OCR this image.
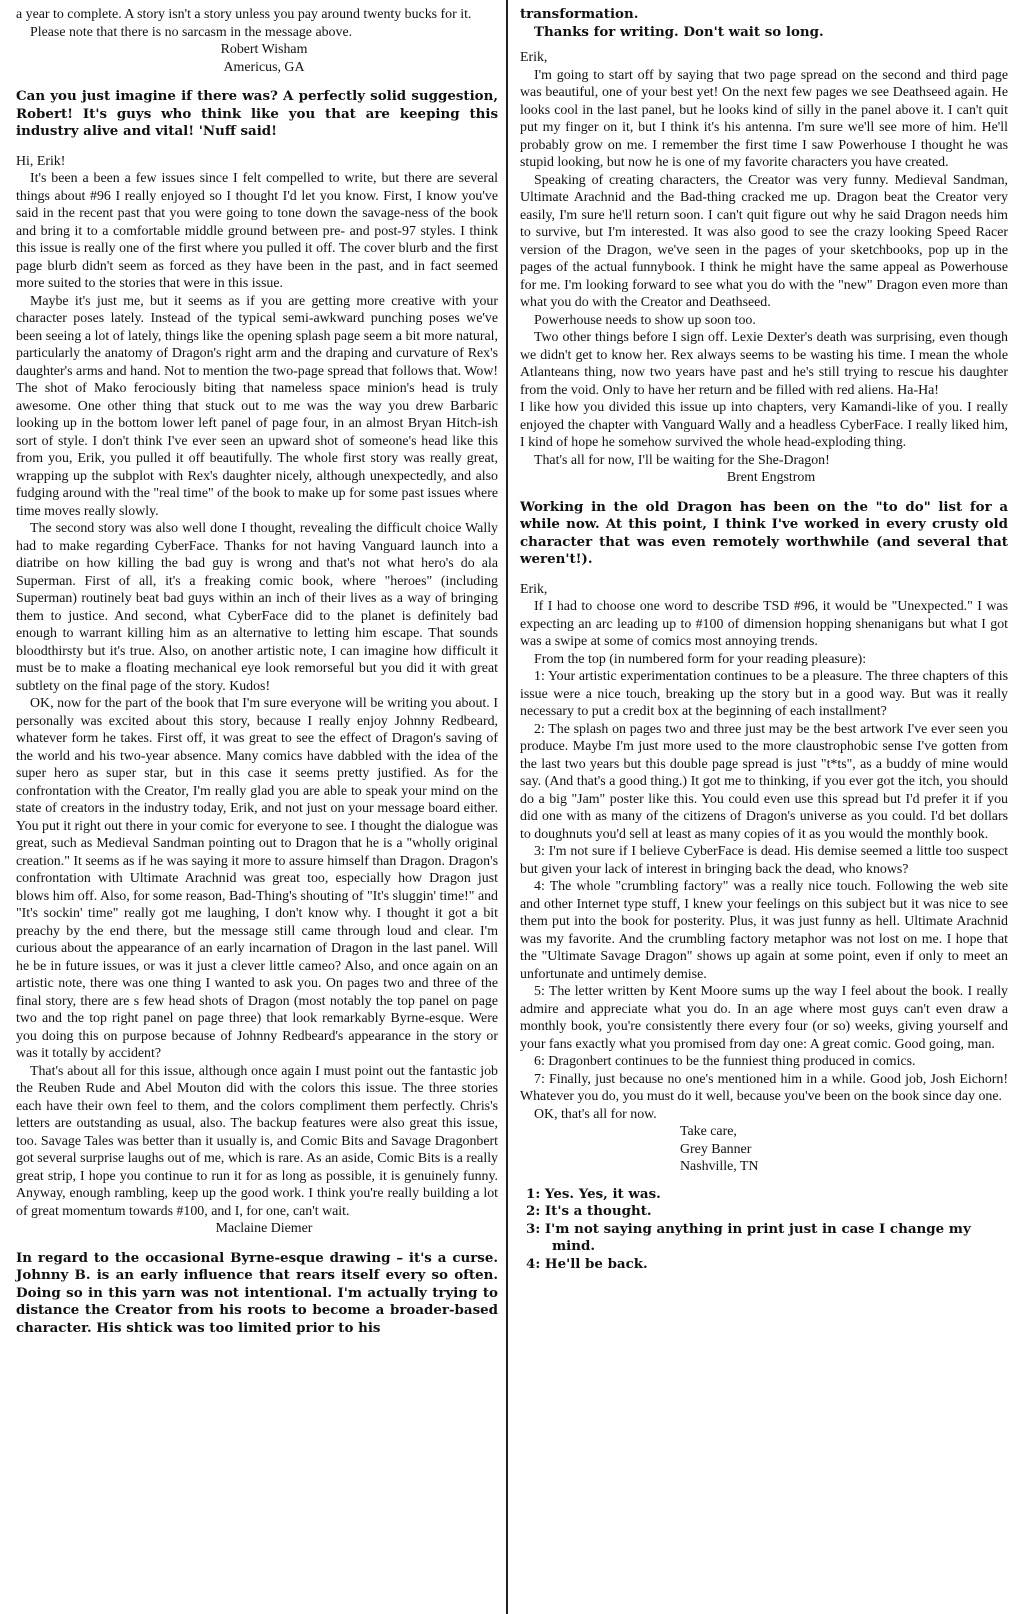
a year to complete. A story isn't a story unless you pay around twenty bucks for it.

Please note that there is no sarcasm in the message above.

Robert Wisham

Americus, GA

Can you just imagine if there was? A perfectly solid suggestion, Robert! It's guys who think like you that are keeping this industry alive and vital! 'Nuff said!

Hi, Erik!

It's been a been a few issues since I felt compelled to write, but there are several things about #96 I really enjoyed so I thought I'd let you know. First, I know you've said in the recent past that you were going to tone down the savage-ness of the book and bring it to a comfortable middle ground between pre- and post-97 styles. I think this issue is really one of the first where you pulled it off. The cover blurb and the first page blurb didn't seem as forced as they have been in the past, and in fact seemed more suited to the stories that were in this issue.

Maybe it's just me, but it seems as if you are getting more creative with your character poses lately. Instead of the typical semi-awkward punching poses we've been seeing a lot of lately, things like the opening splash page seem a bit more natural, particularly the anatomy of Dragon's right arm and the draping and curvature of Rex's daughter's arms and hand. Not to mention the two-page spread that follows that. Wow! The shot of Mako ferociously biting that nameless space minion's head is truly awesome. One other thing that stuck out to me was the way you drew Barbaric looking up in the bottom lower left panel of page four, in an almost Bryan Hitch-ish sort of style. I don't think I've ever seen an upward shot of someone's head like this from you, Erik, you pulled it off beautifully. The whole first story was really great, wrapping up the subplot with Rex's daughter nicely, although unexpectedly, and also fudging around with the "real time" of the book to make up for some past issues where time moves really slowly.

The second story was also well done I thought, revealing the difficult choice Wally had to make regarding CyberFace. Thanks for not having Vanguard launch into a diatribe on how killing the bad guy is wrong and that's not what hero's do ala Superman. First of all, it's a freaking comic book, where "heroes" (including Superman) routinely beat bad guys within an inch of their lives as a way of bringing them to justice. And second, what CyberFace did to the planet is definitely bad enough to warrant killing him as an alternative to letting him escape. That sounds bloodthirsty but it's true. Also, on another artistic note, I can imagine how difficult it must be to make a floating mechanical eye look remorseful but you did it with great subtlety on the final page of the story. Kudos!

OK, now for the part of the book that I'm sure everyone will be writing you about. I personally was excited about this story, because I really enjoy Johnny Redbeard, whatever form he takes. First off, it was great to see the effect of Dragon's saving of the world and his two-year absence. Many comics have dabbled with the idea of the super hero as super star, but in this case it seems pretty justified. As for the confrontation with the Creator, I'm really glad you are able to speak your mind on the state of creators in the industry today, Erik, and not just on your message board either. You put it right out there in your comic for everyone to see. I thought the dialogue was great, such as Medieval Sandman pointing out to Dragon that he is a "wholly original creation." It seems as if he was saying it more to assure himself than Dragon. Dragon's confrontation with Ultimate Arachnid was great too, especially how Dragon just blows him off. Also, for some reason, Bad-Thing's shouting of "It's sluggin' time!" and "It's sockin' time" really got me laughing, I don't know why. I thought it got a bit preachy by the end there, but the message still came through loud and clear. I'm curious about the appearance of an early incarnation of Dragon in the last panel. Will he be in future issues, or was it just a clever little cameo? Also, and once again on an artistic note, there was one thing I wanted to ask you. On pages two and three of the final story, there are s few head shots of Dragon (most notably the top panel on page two and the top right panel on page three) that look remarkably Byrne-esque. Were you doing this on purpose because of Johnny Redbeard's appearance in the story or was it totally by accident?

That's about all for this issue, although once again I must point out the fantastic job the Reuben Rude and Abel Mouton did with the colors this issue. The three stories each have their own feel to them, and the colors compliment them perfectly. Chris's letters are outstanding as usual, also. The backup features were also great this issue, too. Savage Tales was better than it usually is, and Comic Bits and Savage Dragonbert got several surprise laughs out of me, which is rare. As an aside, Comic Bits is a really great strip, I hope you continue to run it for as long as possible, it is genuinely funny. Anyway, enough rambling, keep up the good work. I think you're really building a lot of great momentum towards #100, and I, for one, can't wait.

Maclaine Diemer

In regard to the occasional Byrne-esque drawing – it's a curse. Johnny B. is an early influence that rears itself every so often. Doing so in this yarn was not intentional. I'm actually trying to distance the Creator from his roots to become a broader-based character. His shtick was too limited prior to his
transformation.
Thanks for writing. Don't wait so long.

Erik,

I'm going to start off by saying that two page spread on the second and third page was beautiful, one of your best yet! On the next few pages we see Deathseed again. He looks cool in the last panel, but he looks kind of silly in the panel above it. I can't quit put my finger on it, but I think it's his antenna. I'm sure we'll see more of him. He'll probably grow on me. I remember the first time I saw Powerhouse I thought he was stupid looking, but now he is one of my favorite characters you have created.

Speaking of creating characters, the Creator was very funny. Medieval Sandman, Ultimate Arachnid and the Bad-thing cracked me up. Dragon beat the Creator very easily, I'm sure he'll return soon. I can't quit figure out why he said Dragon needs him to survive, but I'm interested. It was also good to see the crazy looking Speed Racer version of the Dragon, we've seen in the pages of your sketchbooks, pop up in the pages of the actual funnybook. I think he might have the same appeal as Powerhouse for me. I'm looking forward to see what you do with the "new" Dragon even more than what you do with the Creator and Deathseed.

Powerhouse needs to show up soon too.

Two other things before I sign off. Lexie Dexter's death was surprising, even though we didn't get to know her. Rex always seems to be wasting his time. I mean the whole Atlanteans thing, now two years have past and he's still trying to rescue his daughter from the void. Only to have her return and be filled with red aliens. Ha-Ha!

I like how you divided this issue up into chapters, very Kamandi-like of you. I really enjoyed the chapter with Vanguard Wally and a headless CyberFace. I really liked him, I kind of hope he somehow survived the whole head-exploding thing.

That's all for now, I'll be waiting for the She-Dragon!

Brent Engstrom

Working in the old Dragon has been on the "to do" list for a while now. At this point, I think I've worked in every crusty old character that was even remotely worthwhile (and several that weren't!).

Erik,

If I had to choose one word to describe TSD #96, it would be "Unexpected." I was expecting an arc leading up to #100 of dimension hopping shenanigans but what I got was a swipe at some of comics most annoying trends.

From the top (in numbered form for your reading pleasure):

1: Your artistic experimentation continues to be a pleasure. The three chapters of this issue were a nice touch, breaking up the story but in a good way. But was it really necessary to put a credit box at the beginning of each installment?

2: The splash on pages two and three just may be the best artwork I've ever seen you produce. Maybe I'm just more used to the more claustrophobic sense I've gotten from the last two years but this double page spread is just "t*ts", as a buddy of mine would say. (And that's a good thing.) It got me to thinking, if you ever got the itch, you should do a big "Jam" poster like this. You could even use this spread but I'd prefer it if you did one with as many of the citizens of Dragon's universe as you could. I'd bet dollars to doughnuts you'd sell at least as many copies of it as you would the monthly book.

3: I'm not sure if I believe CyberFace is dead. His demise seemed a little too suspect but given your lack of interest in bringing back the dead, who knows?

4: The whole "crumbling factory" was a really nice touch. Following the web site and other Internet type stuff, I knew your feelings on this subject but it was nice to see them put into the book for posterity. Plus, it was just funny as hell. Ultimate Arachnid was my favorite. And the crumbling factory metaphor was not lost on me. I hope that the "Ultimate Savage Dragon" shows up again at some point, even if only to meet an unfortunate and untimely demise.

5: The letter written by Kent Moore sums up the way I feel about the book. I really admire and appreciate what you do. In an age where most guys can't even draw a monthly book, you're consistently there every four (or so) weeks, giving yourself and your fans exactly what you promised from day one: A great comic. Good going, man.

6: Dragonbert continues to be the funniest thing produced in comics.

7: Finally, just because no one's mentioned him in a while. Good job, Josh Eichorn! Whatever you do, you must do it well, because you've been on the book since day one.

OK, that's all for now.

Take care,

Grey Banner

Nashville, TN

1: Yes. Yes, it was.
2: It's a thought.
3: I'm not saying anything in print just in case I change my mind.
4: He'll be back.
